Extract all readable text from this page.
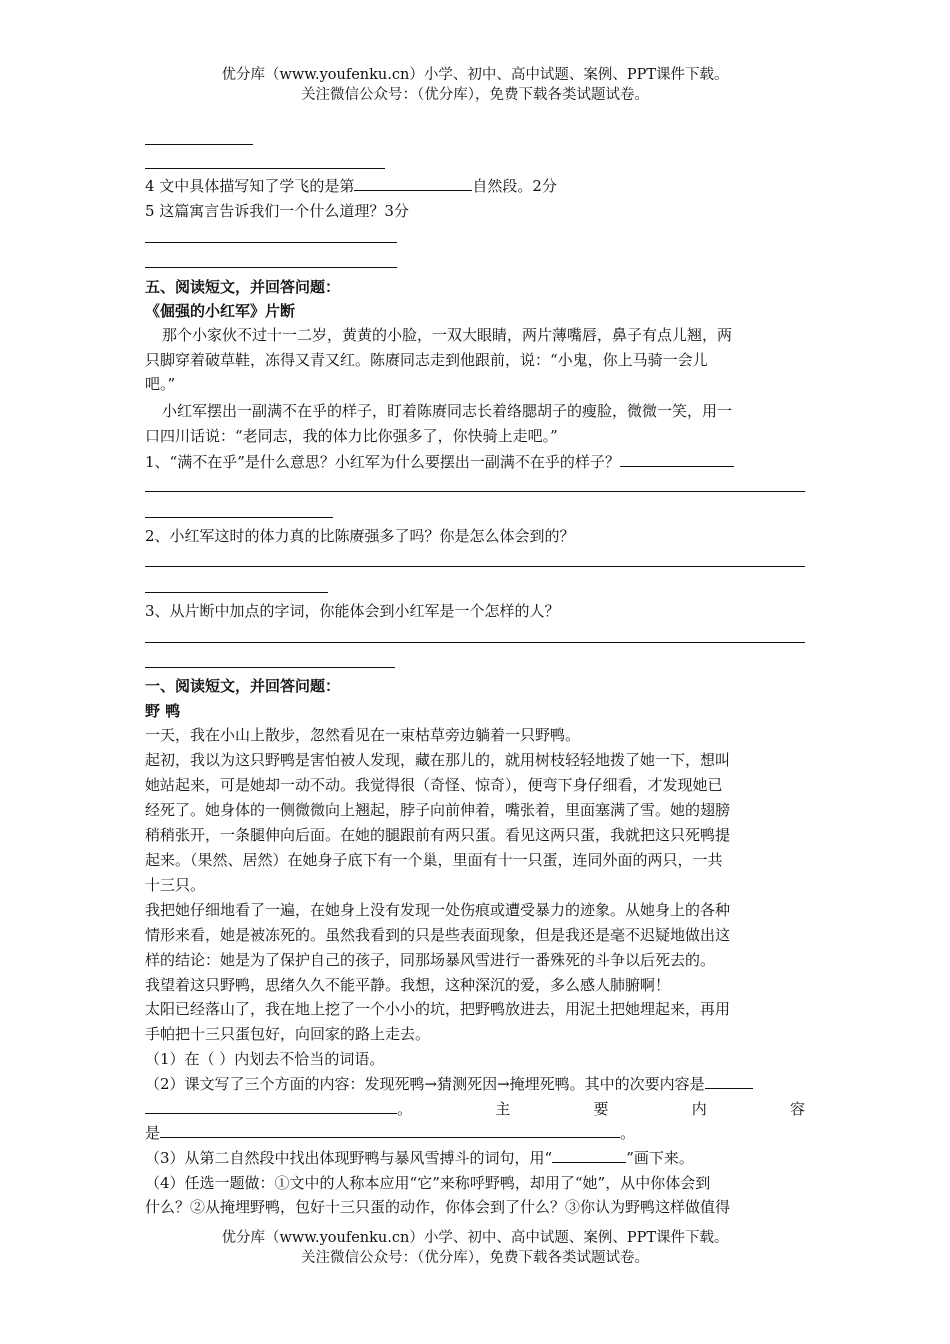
优分库（www.youfenku.cn）小学、初中、高中试题、案例、PPT课件下载。
关注微信公众号：（优分库），免费下载各类试题试卷。
4 文中具体描写知了学飞的是第	自然段。2分
5 这篇寓言告诉我们一个什么道理？3分
五、阅读短文，并回答问题：
《倔强的小红军》片断
那个小家伙不过十一二岁，黄黄的小脸，一双大眼睛，两片薄嘴唇，鼻子有点儿翘，两
只脚穿着破草鞋，冻得又青又红。陈赓同志走到他跟前，说：“小鬼，你上马骑一会儿
吧。”
小红军摆出一副满不在乎的样子，盯着陈赓同志长着络腮胡子的瘦脸，微微一笑，用一
口四川话说：“老同志，我的体力比你强多了，你快骑上走吧。”
1、“满不在乎”是什么意思？小红军为什么要摆出一副满不在乎的样子？
2、小红军这时的体力真的比陈赓强多了吗？你是怎么体会到的？
3、从片断中加点的字词，你能体会到小红军是一个怎样的人？
一、阅读短文，并回答问题：
野 鸭
一天，我在小山上散步，忽然看见在一束枯草旁边躺着一只野鸭。
起初，我以为这只野鸭是害怕被人发现，藏在那儿的，就用树枝轻轻地拨了她一下，想叫
她站起来，可是她却一动不动。我觉得很（奇怪、惊奇），便弯下身仔细看，才发现她已
经死了。她身体的一侧微微向上翘起，脖子向前伸着，嘴张着，里面塞满了雪。她的翅膀
稍稍张开，一条腿伸向后面。在她的腿跟前有两只蛋。看见这两只蛋，我就把这只死鸭提
起来。（果然、居然）在她身子底下有一个巢，里面有十一只蛋，连同外面的两只，一共
十三只。
我把她仔细地看了一遍，在她身上没有发现一处伤痕或遭受暴力的迹象。从她身上的各种
情形来看，她是被冻死的。虽然我看到的只是些表面现象，但是我还是毫不迟疑地做出这
样的结论：她是为了保护自己的孩子，同那场暴风雪进行一番殊死的斗争以后死去的。
我望着这只野鸭，思绪久久不能平静。我想，这种深沉的爱，多么感人肺腑啊！
太阳已经落山了，我在地上挖了一个小小的坑，把野鸭放进去，用泥土把她埋起来，再用
手帕把十三只蛋包好，向回家的路上走去。
（1）在（ ）内划去不恰当的词语。
（2）课文写了三个方面的内容：发现死鸭→猜测死因→掩埋死鸭。其中的次要内容是
。	主	要	内	容
是	。
（3）从第二自然段中找出体现野鸭与暴风雪搏斗的词句，用“	”画下来。
（4）任选一题做：①文中的人称本应用“它”来称呼野鸭，却用了“她”，从中你体会到
什么？②从掩埋野鸭，包好十三只蛋的动作，你体会到了什么？③你认为野鸭这样做值得
优分库（www.youfenku.cn）小学、初中、高中试题、案例、PPT课件下载。
关注微信公众号：（优分库），免费下载各类试题试卷。
